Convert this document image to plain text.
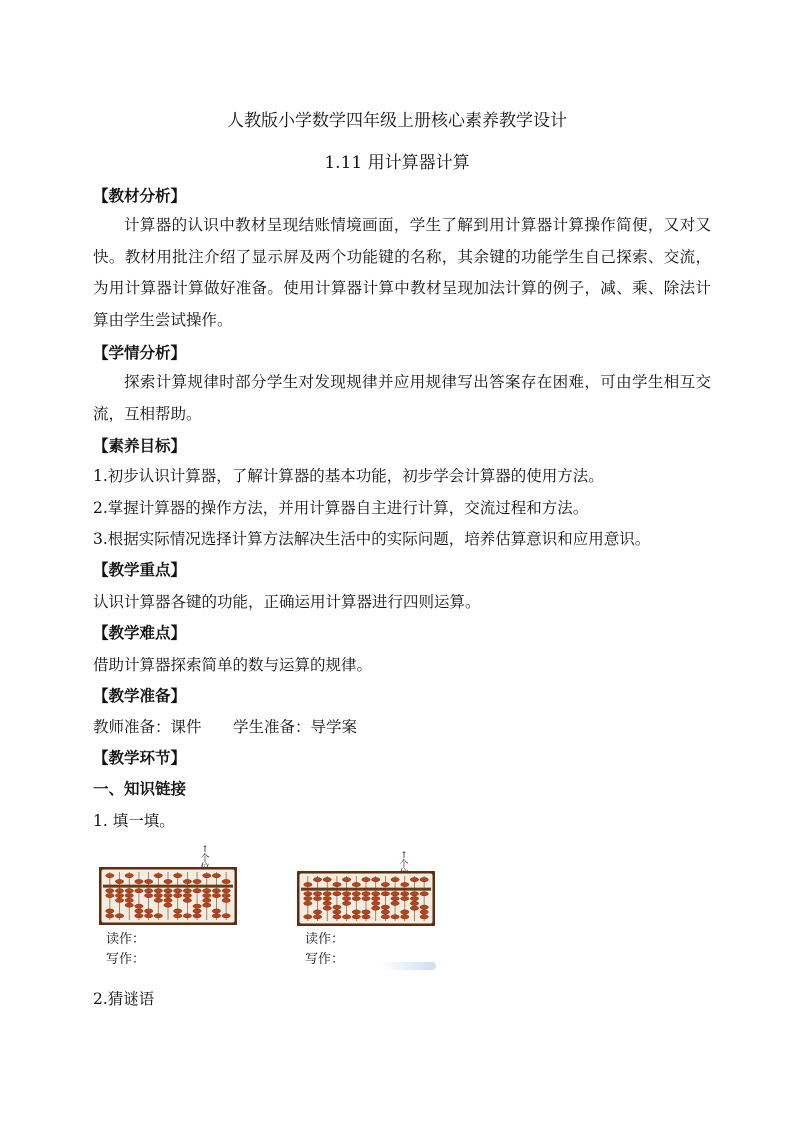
人教版小学数学四年级上册核心素养教学设计
1.11 用计算器计算
【教材分析】
计算器的认识中教材呈现结账情境画面，学生了解到用计算器计算操作简便，又对又快。教材用批注介绍了显示屏及两个功能键的名称，其余键的功能学生自己探索、交流，为用计算器计算做好准备。使用计算器计算中教材呈现加法计算的例子，减、乘、除法计算由学生尝试操作。
【学情分析】
探索计算规律时部分学生对发现规律并应用规律写出答案存在困难，可由学生相互交流，互相帮助。
【素养目标】
1.初步认识计算器，了解计算器的基本功能，初步学会计算器的使用方法。
2.掌握计算器的操作方法，并用计算器自主进行计算，交流过程和方法。
3.根据实际情况选择计算方法解决生活中的实际问题，培养估算意识和应用意识。
【教学重点】
认识计算器各键的功能，正确运用计算器进行四则运算。
【教学难点】
借助计算器探索简单的数与运算的规律。
【教学准备】
教师准备：课件 学生准备：导学案
【教学环节】
一、知识链接
1. 填一填。
↑
个
读作：
写作：
↑
个
读作：
写作：
2.猜谜语
